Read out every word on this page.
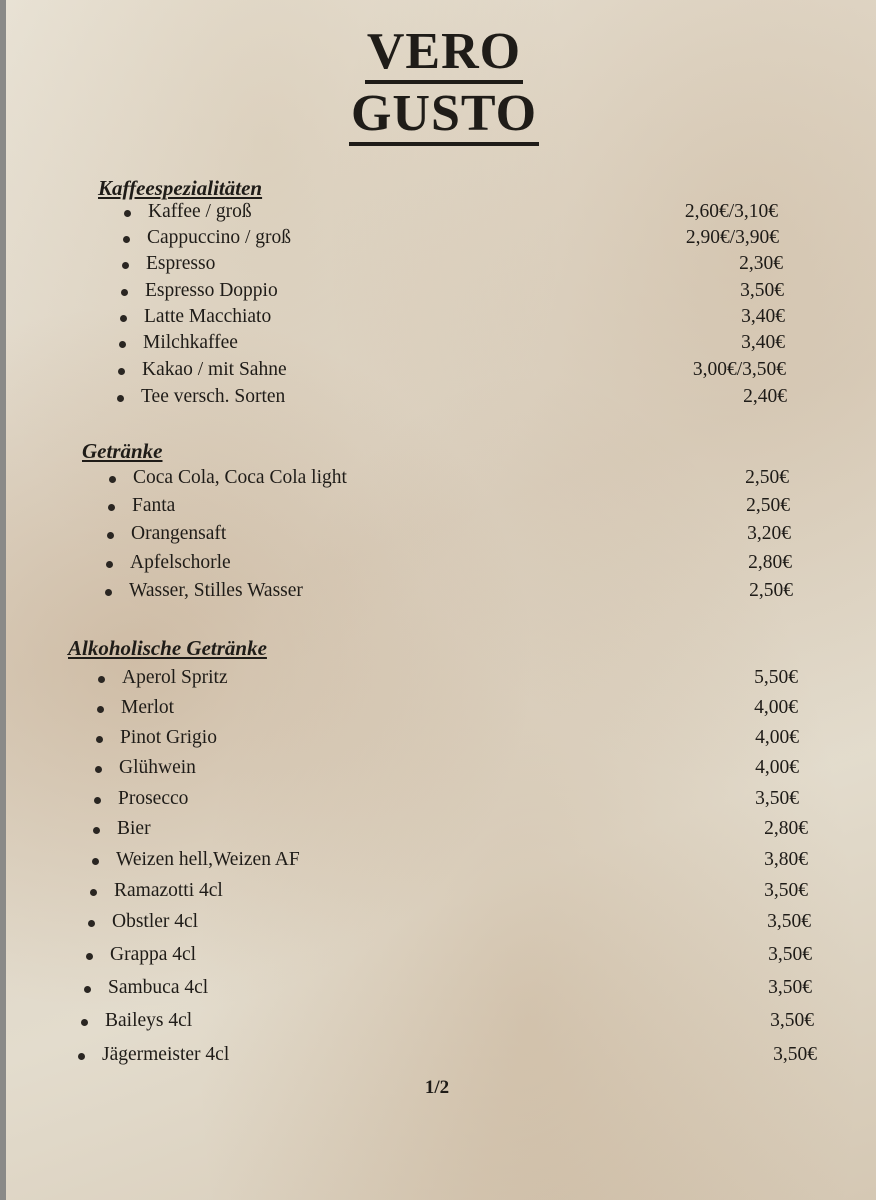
VERO
GUSTO
Kaffeespezialitäten
Kaffee / groß	2,60€/3,10€
Cappuccino / groß	2,90€/3,90€
Espresso	2,30€
Espresso Doppio	3,50€
Latte Macchiato	3,40€
Milchkaffee	3,40€
Kakao / mit Sahne	3,00€/3,50€
Tee versch. Sorten	2,40€
Getränke
Coca Cola, Coca Cola light	2,50€
Fanta	2,50€
Orangensaft	3,20€
Apfelschorle	2,80€
Wasser, Stilles Wasser	2,50€
Alkoholische Getränke
Aperol Spritz	5,50€
Merlot	4,00€
Pinot Grigio	4,00€
Glühwein	4,00€
Prosecco	3,50€
Bier	2,80€
Weizen hell,Weizen AF	3,80€
Ramazotti 4cl	3,50€
Obstler 4cl	3,50€
Grappa 4cl	3,50€
Sambuca 4cl	3,50€
Baileys 4cl	3,50€
Jägermeister 4cl	3,50€
1/2
